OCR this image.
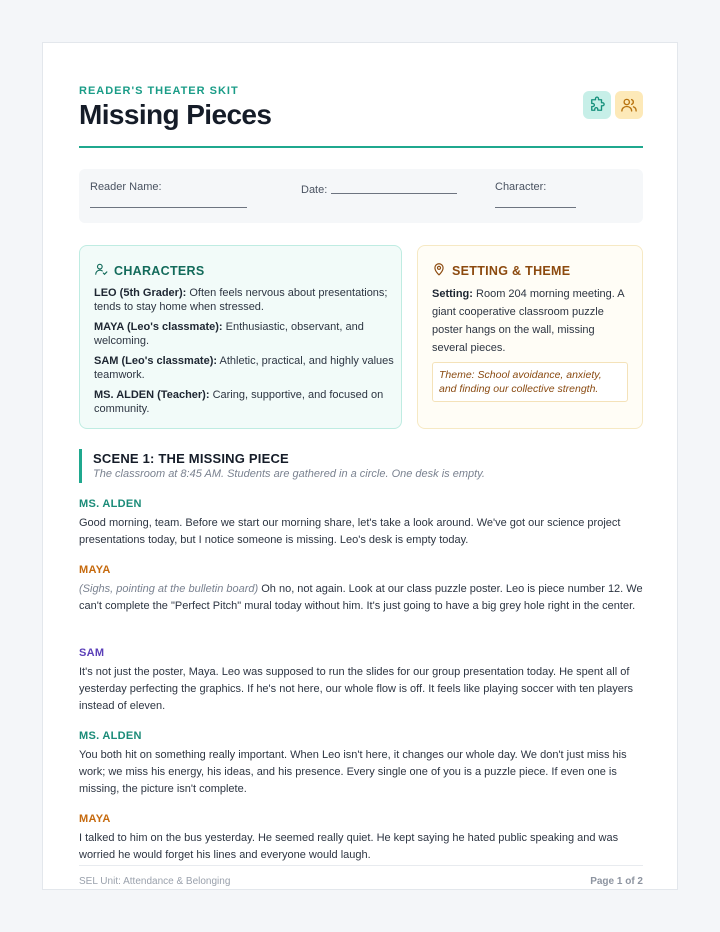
READER'S THEATER SKIT
Missing Pieces
Reader Name:	Date:	Character:
CHARACTERS

LEO (5th Grader): Often feels nervous about presentations; tends to stay home when stressed.

MAYA (Leo's classmate): Enthusiastic, observant, and welcoming.

SAM (Leo's classmate): Athletic, practical, and highly values teamwork.

MS. ALDEN (Teacher): Caring, supportive, and focused on community.

SETTING & THEME
Setting: Room 204 morning meeting. A giant cooperative classroom puzzle poster hangs on the wall, missing several pieces.
Theme: School avoidance, anxiety, and finding our collective strength.
SCENE 1: THE MISSING PIECE
The classroom at 8:45 AM. Students are gathered in a circle. One desk is empty.
MS. ALDEN
Good morning, team. Before we start our morning share, let's take a look around. We've got our science project presentations today, but I notice someone is missing. Leo's desk is empty today.
MAYA
(Sighs, pointing at the bulletin board) Oh no, not again. Look at our class puzzle poster. Leo is piece number 12. We can't complete the "Perfect Pitch" mural today without him. It's just going to have a big grey hole right in the center.
SAM
It's not just the poster, Maya. Leo was supposed to run the slides for our group presentation today. He spent all of yesterday perfecting the graphics. If he's not here, our whole flow is off. It feels like playing soccer with ten players instead of eleven.
MS. ALDEN
You both hit on something really important. When Leo isn't here, it changes our whole day. We don't just miss his work; we miss his energy, his ideas, and his presence. Every single one of you is a puzzle piece. If even one is missing, the picture isn't complete.
MAYA
I talked to him on the bus yesterday. He seemed really quiet. He kept saying he hated public speaking and was worried he would forget his lines and everyone would laugh.
SEL Unit: Attendance & Belonging	Page 1 of 2
